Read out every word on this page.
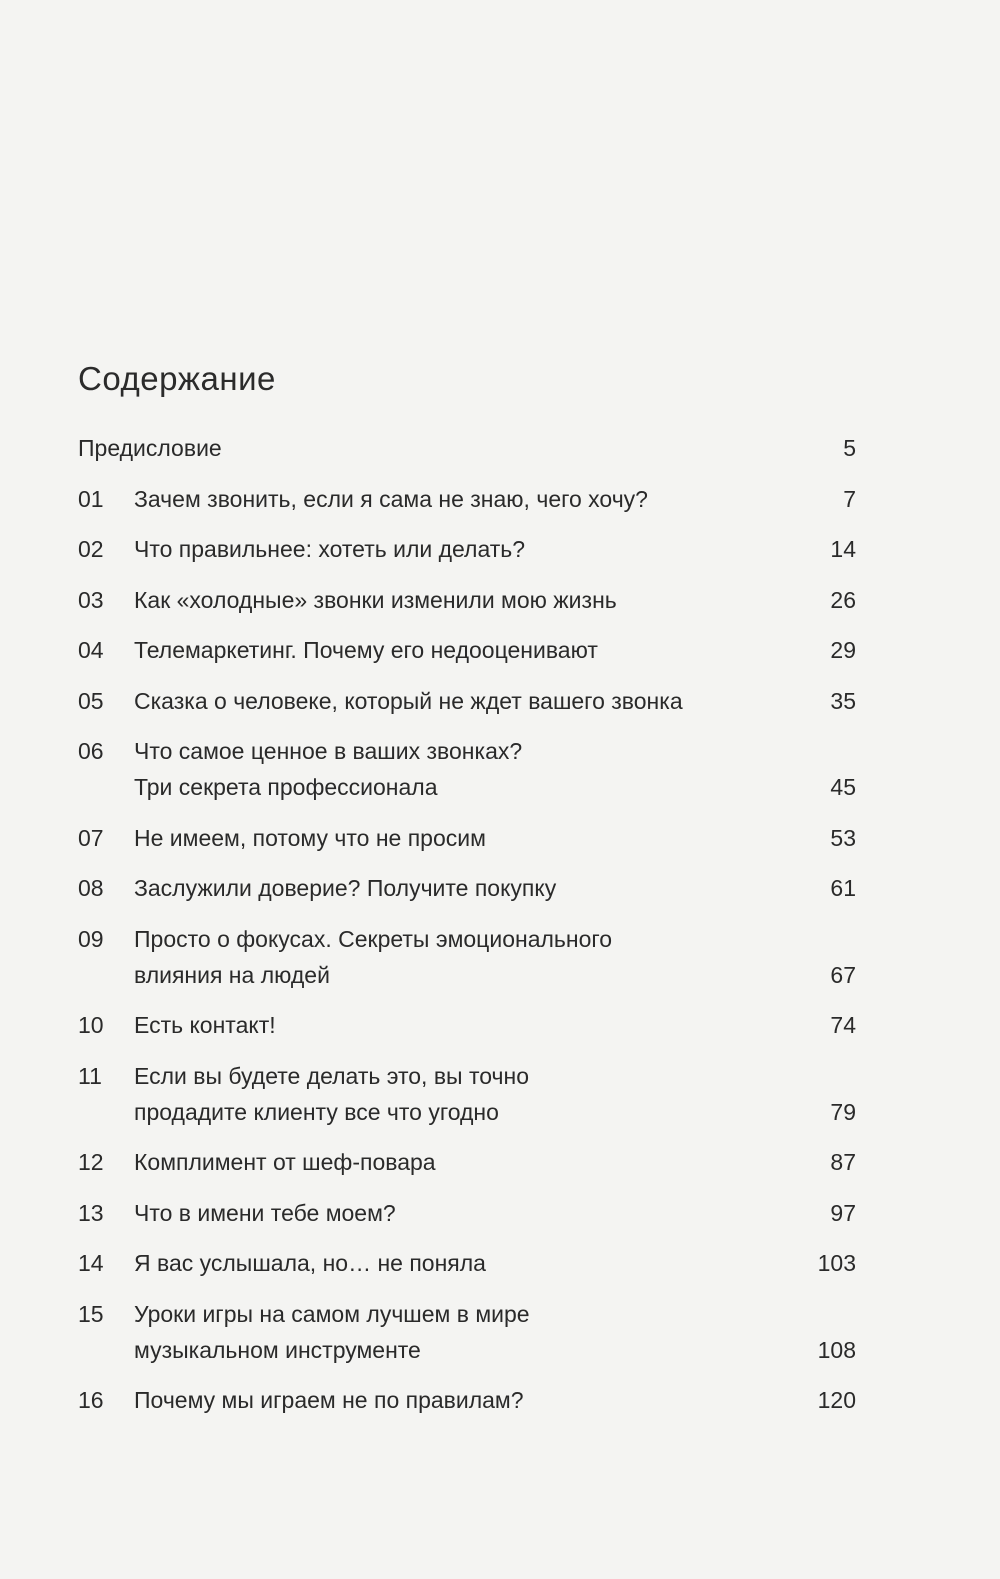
Содержание
Предисловие	5
01	Зачем звонить, если я сама не знаю, чего хочу?	7
02	Что правильнее: хотеть или делать?	14
03	Как «холодные» звонки изменили мою жизнь	26
04	Телемаркетинг. Почему его недооценивают	29
05	Сказка о человеке, который не ждет вашего звонка	35
06	Что самое ценное в ваших звонках?
Три секрета профессионала	45
07	Не имеем, потому что не просим	53
08	Заслужили доверие? Получите покупку	61
09	Просто о фокусах. Секреты эмоционального
влияния на людей	67
10	Есть контакт!	74
11	Если вы будете делать это, вы точно
продадите клиенту все что угодно	79
12	Комплимент от шеф-повара	87
13	Что в имени тебе моем?	97
14	Я вас услышала, но… не поняла	103
15	Уроки игры на самом лучшем в мире
музыкальном инструменте	108
16	Почему мы играем не по правилам?	120
